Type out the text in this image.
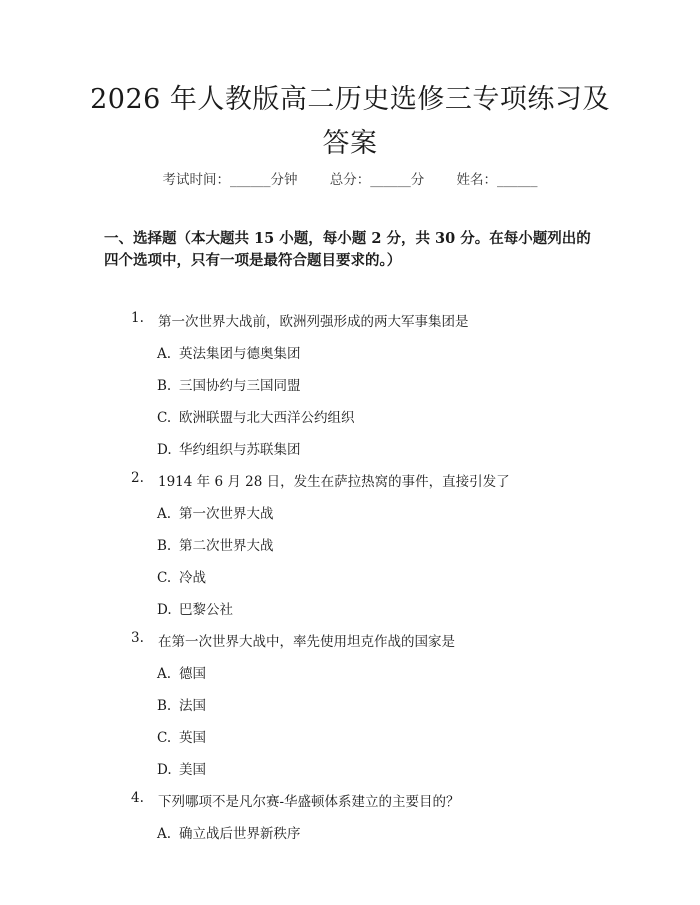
2026 年人教版高二历史选修三专项练习及答案
考试时间：______分钟 总分：______分 姓名：______
一、选择题（本大题共 15 小题，每小题 2 分，共 30 分。在每小题列出的四个选项中，只有一项是最符合题目要求的。）
1. 第一次世界大战前，欧洲列强形成的两大军事集团是
A. 英法集团与德奥集团
B. 三国协约与三国同盟
C. 欧洲联盟与北大西洋公约组织
D. 华约组织与苏联集团
2. 1914 年 6 月 28 日，发生在萨拉热窝的事件，直接引发了
A. 第一次世界大战
B. 第二次世界大战
C. 冷战
D. 巴黎公社
3. 在第一次世界大战中，率先使用坦克作战的国家是
A. 德国
B. 法国
C. 英国
D. 美国
4. 下列哪项不是凡尔赛-华盛顿体系建立的主要目的？
A. 确立战后世界新秩序
